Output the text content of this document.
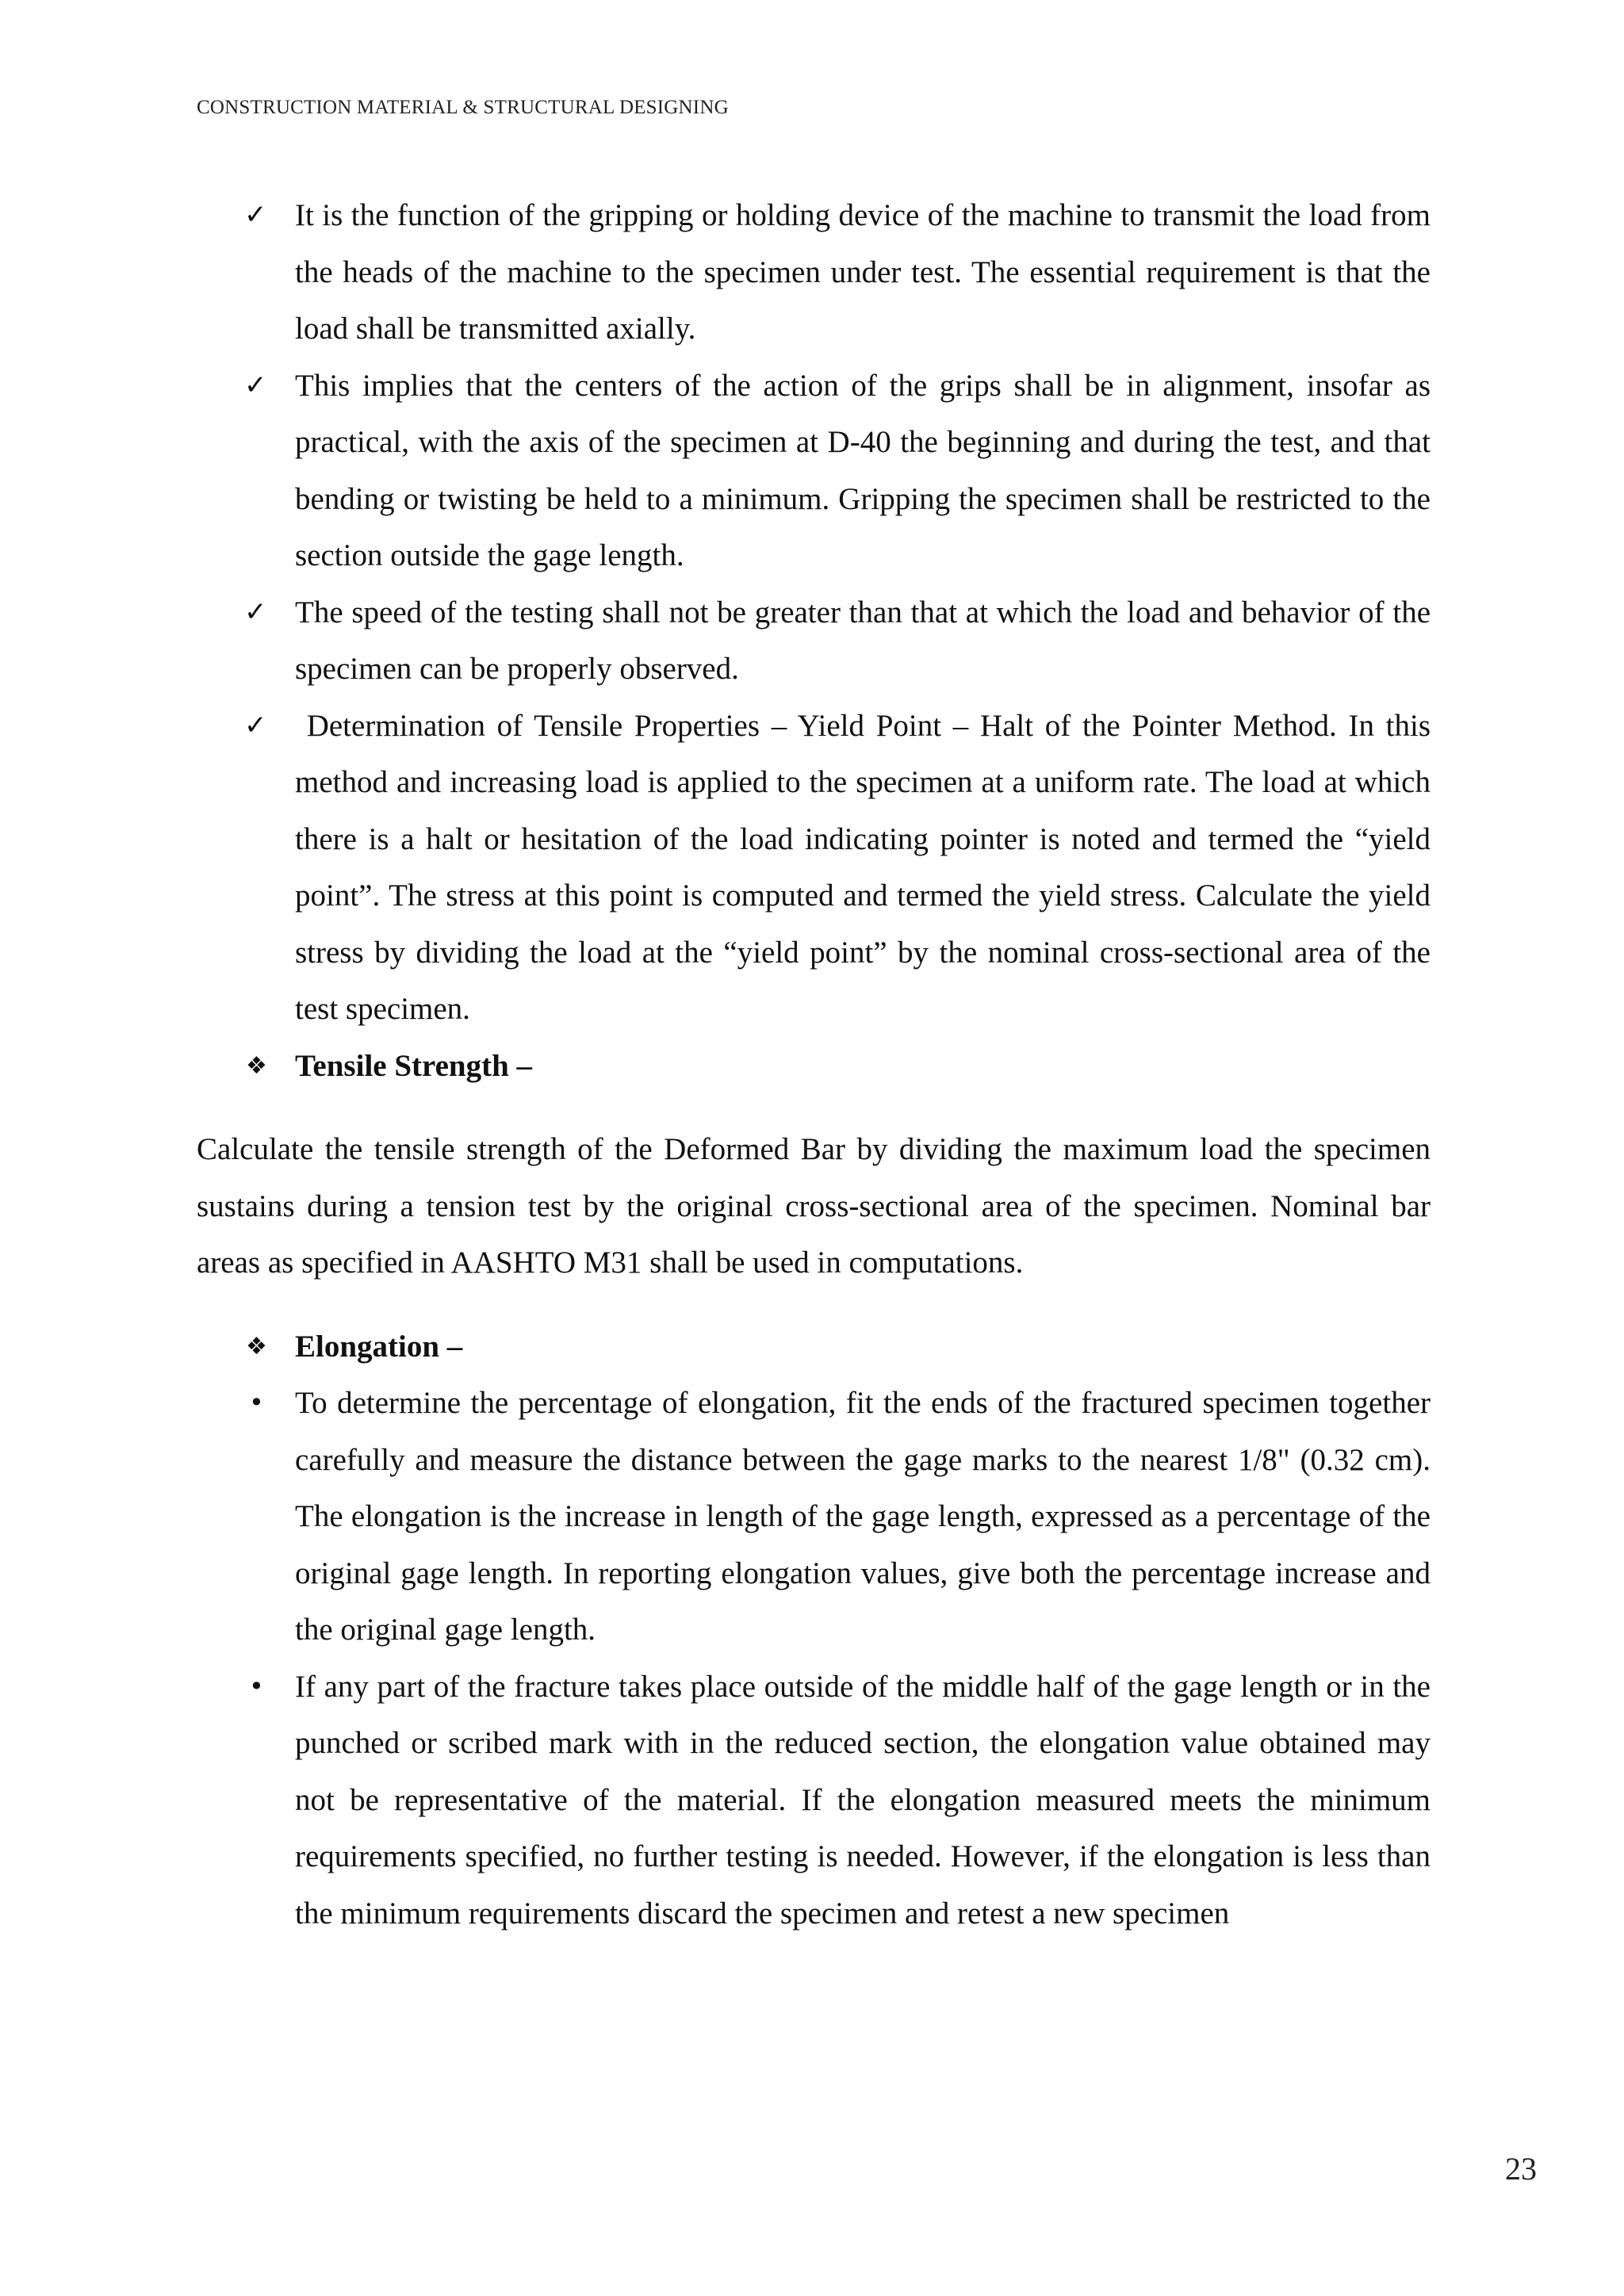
CONSTRUCTION MATERIAL & STRUCTURAL DESIGNING
✓ It is the function of the gripping or holding device of the machine to transmit the load from the heads of the machine to the specimen under test. The essential requirement is that the load shall be transmitted axially.
✓ This implies that the centers of the action of the grips shall be in alignment, insofar as practical, with the axis of the specimen at D-40 the beginning and during the test, and that bending or twisting be held to a minimum. Gripping the specimen shall be restricted to the section outside the gage length.
✓ The speed of the testing shall not be greater than that at which the load and behavior of the specimen can be properly observed.
✓ Determination of Tensile Properties – Yield Point – Halt of the Pointer Method. In this method and increasing load is applied to the specimen at a uniform rate. The load at which there is a halt or hesitation of the load indicating pointer is noted and termed the “yield point”. The stress at this point is computed and termed the yield stress. Calculate the yield stress by dividing the load at the “yield point” by the nominal cross-sectional area of the test specimen.
❖ Tensile Strength –
Calculate the tensile strength of the Deformed Bar by dividing the maximum load the specimen sustains during a tension test by the original cross-sectional area of the specimen. Nominal bar areas as specified in AASHTO M31 shall be used in computations.
❖ Elongation –
•	To determine the percentage of elongation, fit the ends of the fractured specimen together carefully and measure the distance between the gage marks to the nearest 1/8" (0.32 cm). The elongation is the increase in length of the gage length, expressed as a percentage of the original gage length. In reporting elongation values, give both the percentage increase and the original gage length.
•	If any part of the fracture takes place outside of the middle half of the gage length or in the punched or scribed mark with in the reduced section, the elongation value obtained may not be representative of the material. If the elongation measured meets the minimum requirements specified, no further testing is needed. However, if the elongation is less than the minimum requirements discard the specimen and retest a new specimen
23
